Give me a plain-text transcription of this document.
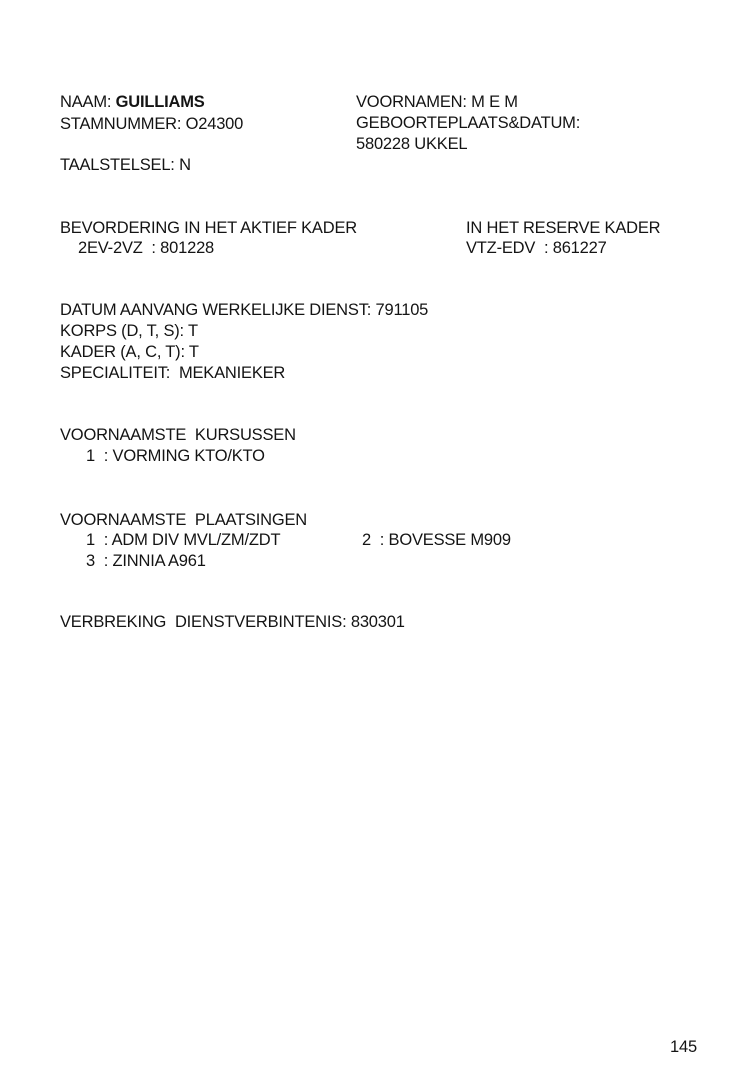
NAAM: GUILLIAMS
STAMNUMMER: O24300
TAALSTELSEL: N
VOORNAMEN: M E M
GEBOORTEPLAATS&DATUM:
580228 UKKEL
BEVORDERING IN HET AKTIEF KADER
2EV-2VZ  : 801228
IN HET RESERVE KADER
VTZ-EDV  : 861227
DATUM AANVANG WERKELIJKE DIENST: 791105
KORPS (D, T, S): T
KADER (A, C, T): T
SPECIALITEIT:  MEKANIEKER
VOORNAAMSTE  KURSUSSEN
1  : VORMING KTO/KTO
VOORNAAMSTE  PLAATSINGEN
1  : ADM DIV MVL/ZM/ZDT	2  : BOVESSE M909
3  : ZINNIA A961
VERBREKING  DIENSTVERBINTENIS: 830301
145
